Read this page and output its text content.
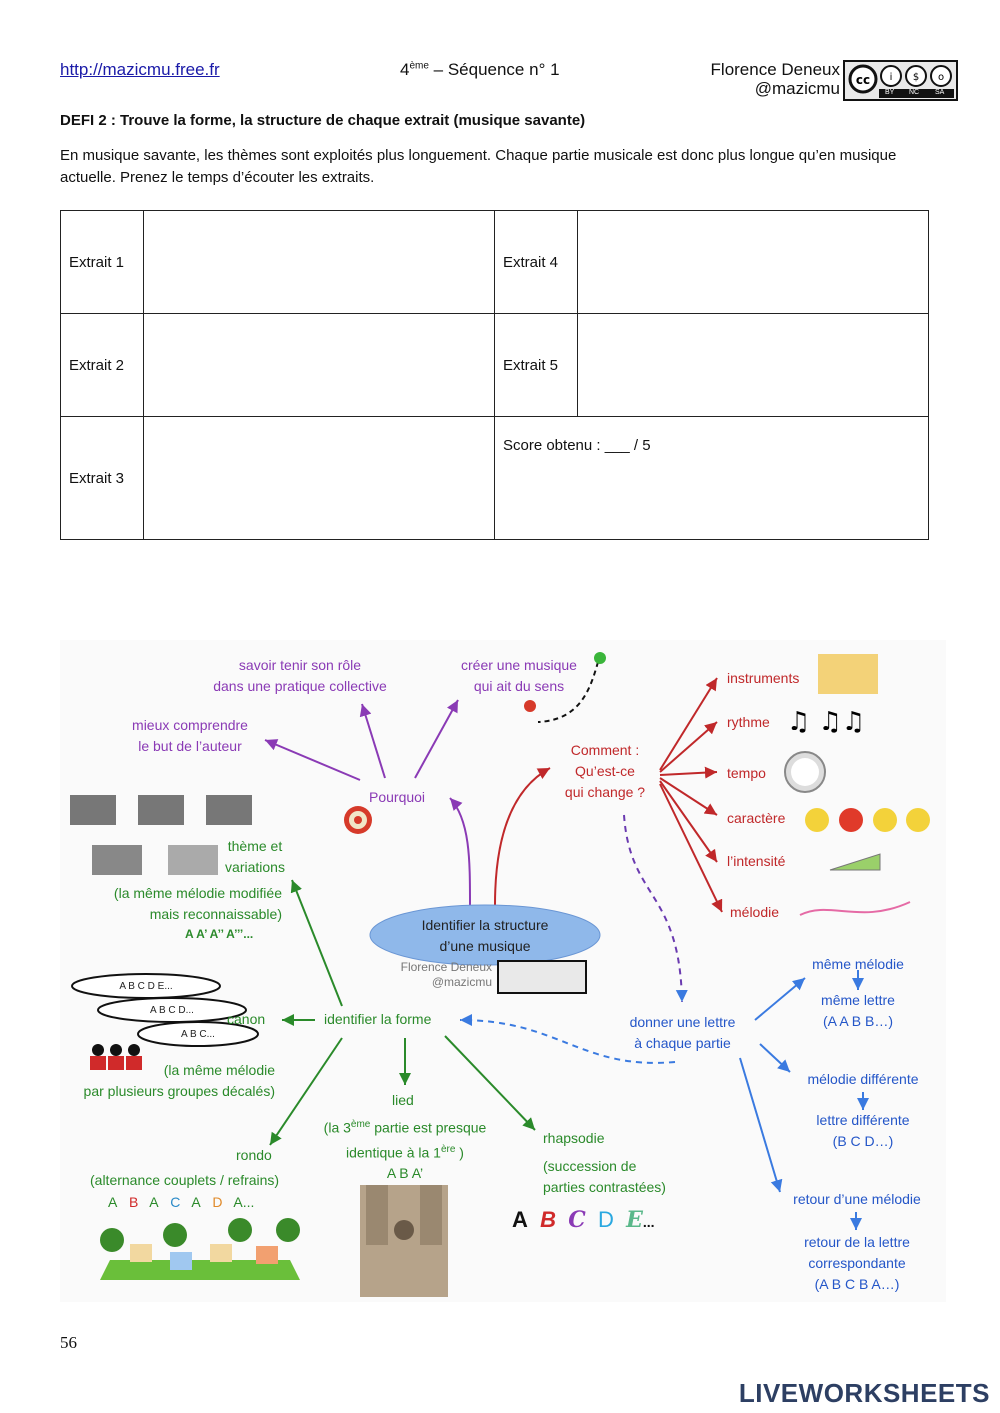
http://mazicmu.free.fr	4ème – Séquence n° 1	Florence Deneux
@mazicmu cc i $ o
BY NC SA
DEFI 2 : Trouve la forme, la structure de chaque extrait (musique savante)
En musique savante, les thèmes sont exploités plus longuement. Chaque partie musicale est donc plus longue qu’en musique actuelle. Prenez le temps d’écouter les extraits.
Extrait 1		Extrait 4	
Extrait 2		Extrait 5	
Extrait 3		Score obtenu : ___ / 5	
♫ ♫♫
Identifier la structure
d’une musique
Florence Deneux
@mazicmu
Pourquoi
savoir tenir son rôle
dans une pratique collective
créer une musique
qui ait du sens
mieux comprendre
le but de l’auteur	Comment :
Qu’est-ce
qui change ?
instruments
rythme
tempo
caractère
l’intensité
mélodie
identifier la forme
thème et
variations
(la même mélodie modifiée
mais reconnaissable)
A A’ A’’ A’’’...
A B C D E...
A B C D...
A B C...
canon
(la même mélodie
par plusieurs groupes décalés)
rondo
(alternance couplets / refrains)
A B A C A D A...
lied
(la 3ème partie est presque
identique à la 1ère )
A B A’
rhapsodie
(succession de
parties contrastées)
A B C D E...
donner une lettre
à chaque partie
même mélodie
même lettre
(A A B B…)
mélodie différente
lettre différente
(B C D…)
retour d’une mélodie
retour de la lettre
correspondante
(A B C B A…)
56
LIVEWORKSHEETS
